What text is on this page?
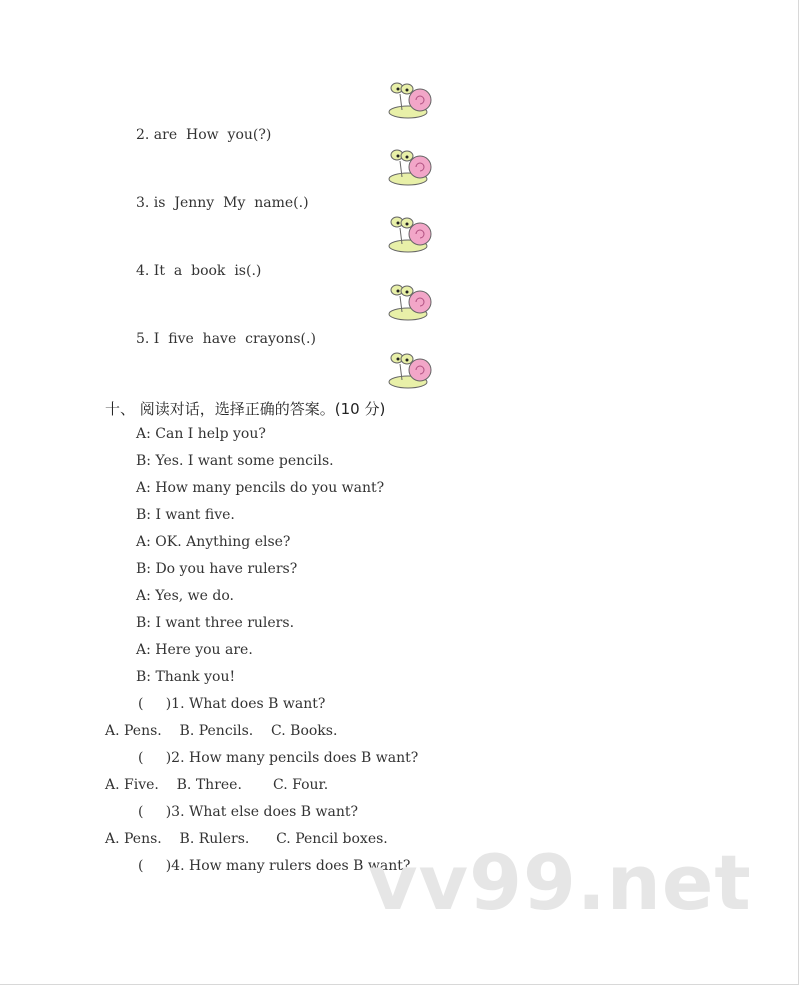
2. are  How  you(?)
3. is  Jenny  My  name(.)
4. It  a  book  is(.)
5. I  five  have  crayons(.)
十、 阅读对话，选择正确的答案。(10 分)
A: Can I help you?
B: Yes. I want some pencils.
A: How many pencils do you want?
B: I want five.
A: OK. Anything else?
B: Do you have rulers?
A: Yes, we do.
B: I want three rulers.
A: Here you are.
B: Thank you!
(     )1. What does B want?
A. Pens.    B. Pencils.    C. Books.
(     )2. How many pencils does B want?
A. Five.    B. Three.       C. Four.
(     )3. What else does B want?
A. Pens.    B. Rulers.      C. Pencil boxes.
(     )4. How many rulers does B want?
vv99.net
